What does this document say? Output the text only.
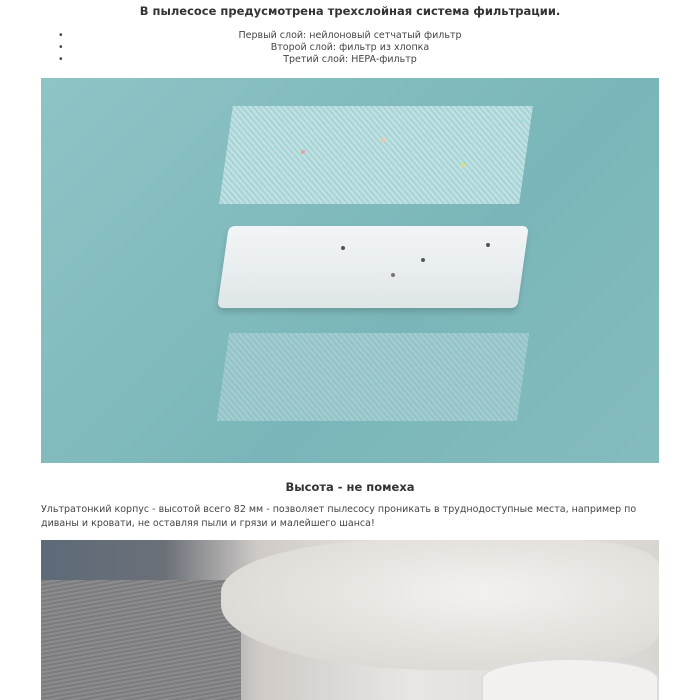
В пылесосе предусмотрена трехслойная система фильтрации.
• Первый слой: нейлоновый сетчатый фильтр
• Второй слой: фильтр из хлопка
• Третий слой: HEPA-фильтр
Высота - не помеха
Ультратонкий корпус - высотой всего 82 мм - позволяет пылесосу проникать в труднодоступные места, например по диваны и кровати, не оставляя пыли и грязи и малейшего шанса!
